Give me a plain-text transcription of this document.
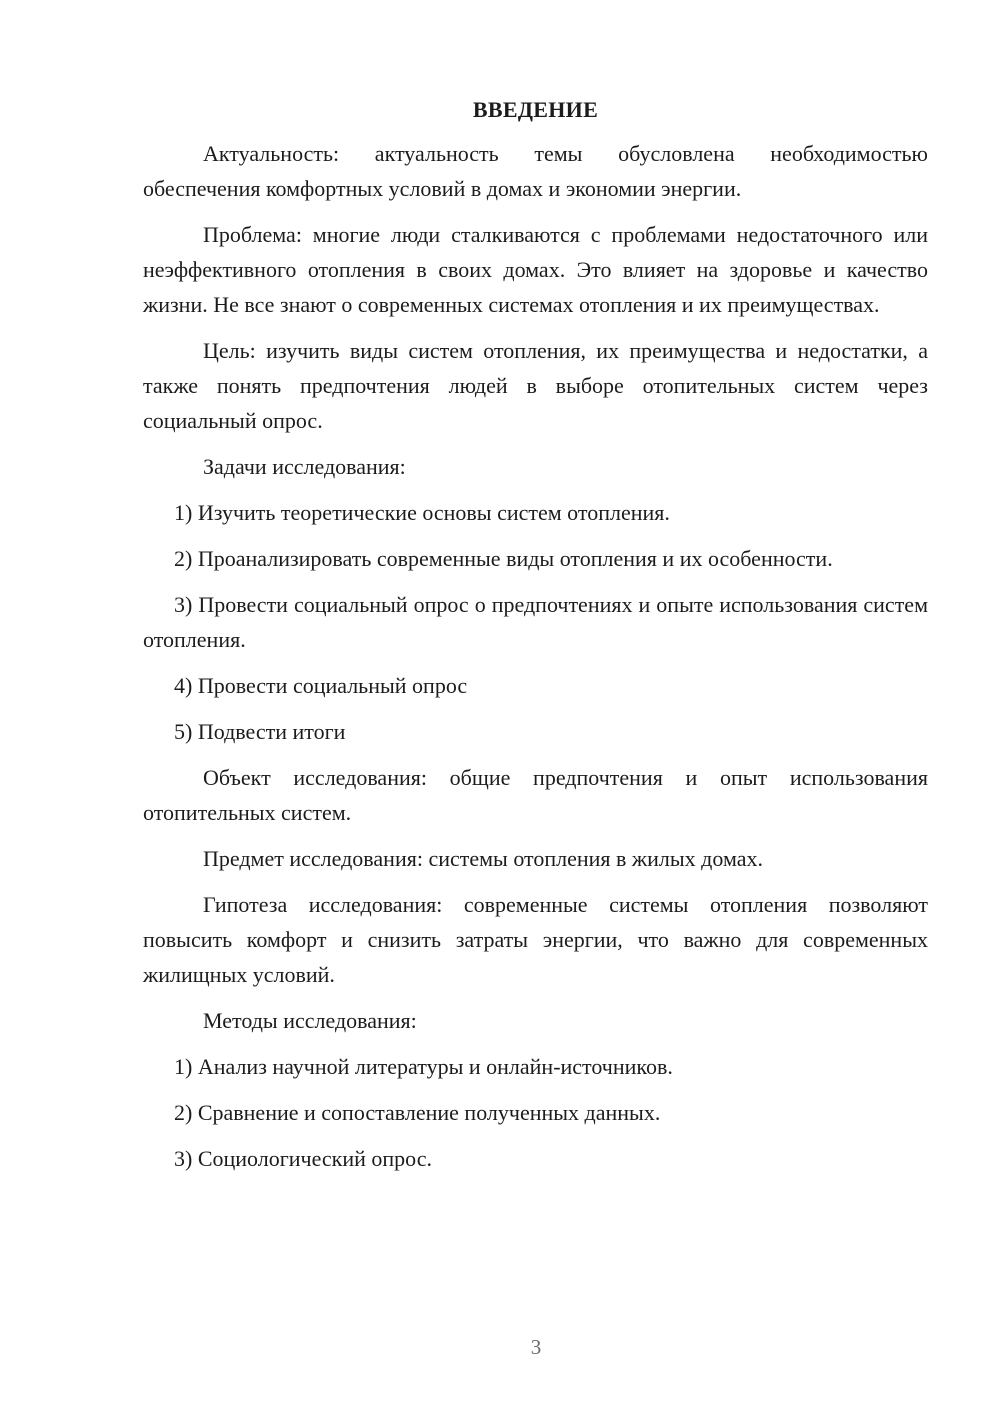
ВВЕДЕНИЕ

Актуальность: актуальность темы обусловлена необходимостью обеспечения комфортных условий в домах и экономии энергии.

Проблема: многие люди сталкиваются с проблемами недостаточного или неэффективного отопления в своих домах. Это влияет на здоровье и качество жизни. Не все знают о современных системах отопления и их преимуществах.

Цель: изучить виды систем отопления, их преимущества и недостатки, а также понять предпочтения людей в выборе отопительных систем через социальный опрос.

Задачи исследования:

1) Изучить теоретические основы систем отопления.

2) Проанализировать современные виды отопления и их особенности.

3) Провести социальный опрос о предпочтениях и опыте использования систем отопления.

4) Провести социальный опрос

5) Подвести итоги

Объект исследования: общие предпочтения и опыт использования отопительных систем.

Предмет исследования: системы отопления в жилых домах.

Гипотеза исследования: современные системы отопления позволяют повысить комфорт и снизить затраты энергии, что важно для современных жилищных условий.

Методы исследования:

1) Анализ научной литературы и онлайн-источников.

2) Сравнение и сопоставление полученных данных.

3) Социологический опрос.

3
